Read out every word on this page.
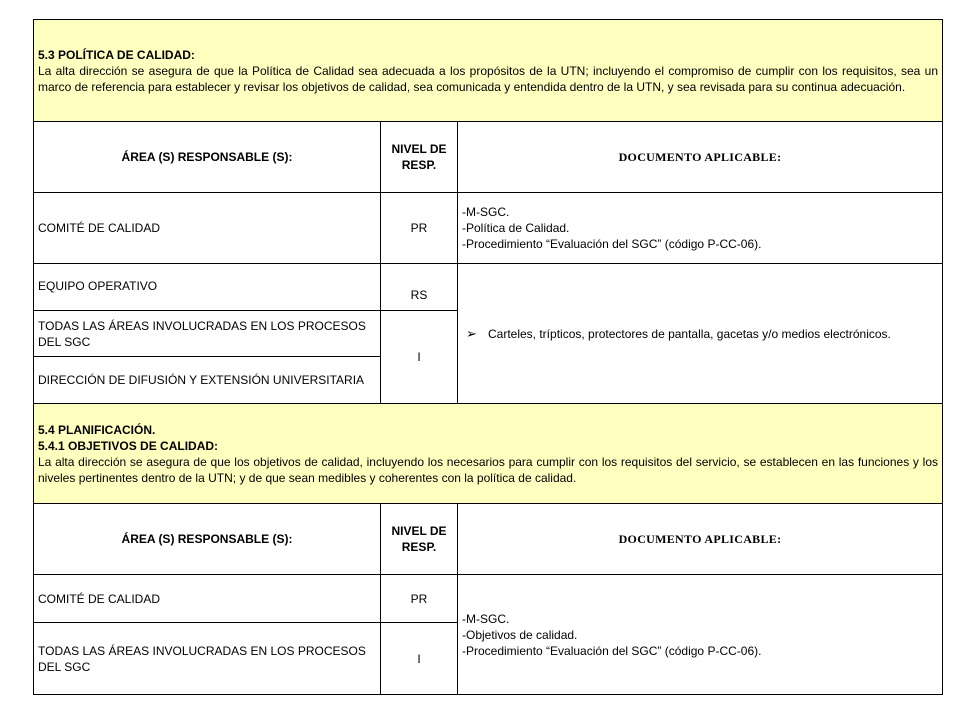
5.3 POLÍTICA DE CALIDAD:
La alta dirección se asegura de que la Política de Calidad sea adecuada a los propósitos de la UTN; incluyendo el compromiso de cumplir con los requisitos, sea un marco de referencia para establecer y revisar los objetivos de calidad, sea comunicada y entendida dentro de la UTN, y sea revisada para su continua adecuación.		
ÁREA (S) RESPONSABLE (S):	NIVEL DE RESP.	DOCUMENTO APLICABLE:
COMITÉ DE CALIDAD	PR	-M-SGC.
-Política de Calidad.
-Procedimiento “Evaluación del SGC” (código P-CC-06).

EQUIPO OPERATIVO	RS	➢ Carteles, trípticos, protectores de pantalla, gacetas y/o medios electrónicos.

TODAS LAS ÁREAS INVOLUCRADAS EN LOS PROCESOS DEL SGC	I	
DIRECCIÓN DE DIFUSIÓN Y EXTENSIÓN UNIVERSITARIA		

5.4 PLANIFICACIÓN.
5.4.1 OBJETIVOS DE CALIDAD:
La alta dirección se asegura de que los objetivos de calidad, incluyendo los necesarios para cumplir con los requisitos del servicio, se establecen en las funciones y los niveles pertinentes dentro de la UTN; y de que sean medibles y coherentes con la política de calidad.		
ÁREA (S) RESPONSABLE (S):	NIVEL DE RESP.	DOCUMENTO APLICABLE:
COMITÉ DE CALIDAD	PR	-M-SGC.
-Objetivos de calidad.
-Procedimiento “Evaluación del SGC” (código P-CC-06).

TODAS LAS ÁREAS INVOLUCRADAS EN LOS PROCESOS DEL SGC	I	
